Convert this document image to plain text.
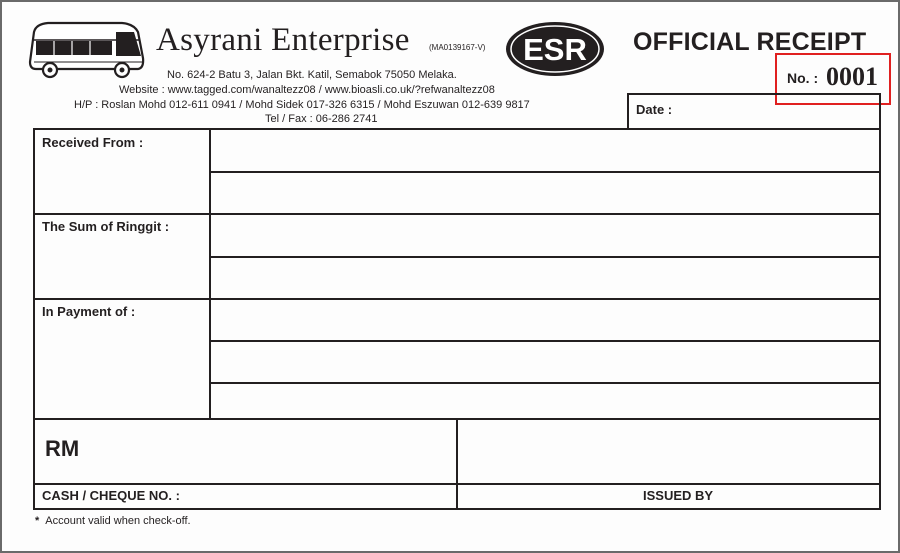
Asyrani Enterprise (MA0139167-V) ESR OFFICIAL RECEIPT
No. : 0001
No. 624-2 Batu 3, Jalan Bkt. Katil, Semabok 75050 Melaka.
Website : www.tagged.com/wanaltezz08 / www.bioasli.co.uk/?refwanaltezz08
H/P : Roslan Mohd 012-611 0941 / Mohd Sidek 017-326 6315 / Mohd Eszuwan 012-639 9817
Tel / Fax : 06-286 2741
Date :
Received From :
The Sum of Ringgit :
In Payment of :
RM
CASH / CHEQUE NO. :	ISSUED BY
* Account valid when check-off.
